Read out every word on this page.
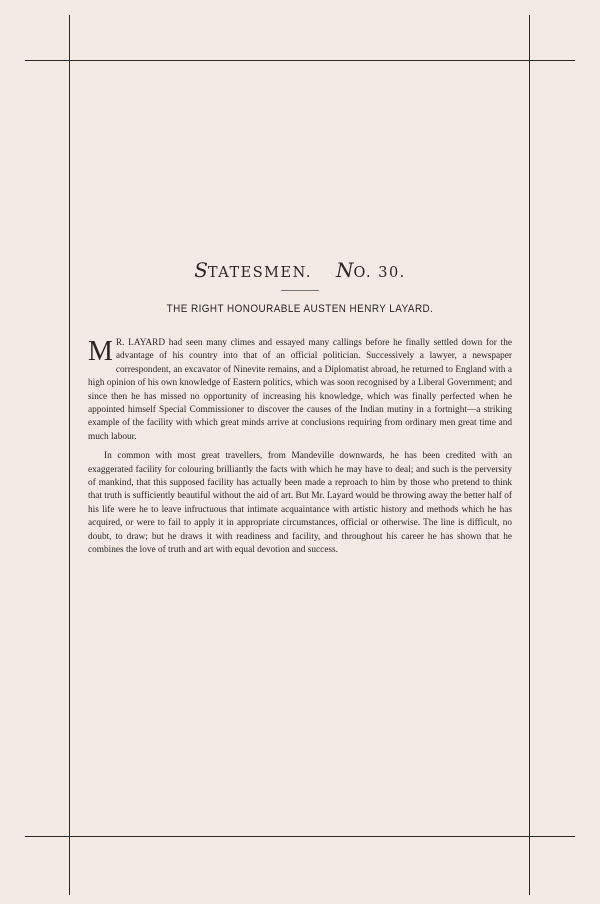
STATESMEN. NO. 30.
THE RIGHT HONOURABLE AUSTEN HENRY LAYARD.

M R. LAYARD had seen many climes and essayed many callings before he finally settled down for the advantage of his country into that of an official politician. Successively a lawyer, a newspaper correspondent, an excavator of Ninevite remains, and a Diplomatist abroad, he returned to England with a high opinion of his own knowledge of Eastern politics, which was soon recognised by a Liberal Government; and since then he has missed no opportunity of increasing his knowledge, which was finally perfected when he appointed himself Special Commissioner to discover the causes of the Indian mutiny in a fortnight—a striking example of the facility with which great minds arrive at conclusions requiring from ordinary men great time and much labour.

In common with most great travellers, from Mandeville downwards, he has been credited with an exaggerated facility for colouring brilliantly the facts with which he may have to deal; and such is the perversity of mankind, that this supposed facility has actually been made a reproach to him by those who pretend to think that truth is sufficiently beautiful without the aid of art. But Mr. Layard would be throwing away the better half of his life were he to leave infructuous that intimate acquaintance with artistic history and methods which he has acquired, or were to fail to apply it in appropriate circumstances, official or otherwise. The line is difficult, no doubt, to draw; but he draws it with readiness and facility, and throughout his career he has shown that he combines the love of truth and art with equal devotion and success.
